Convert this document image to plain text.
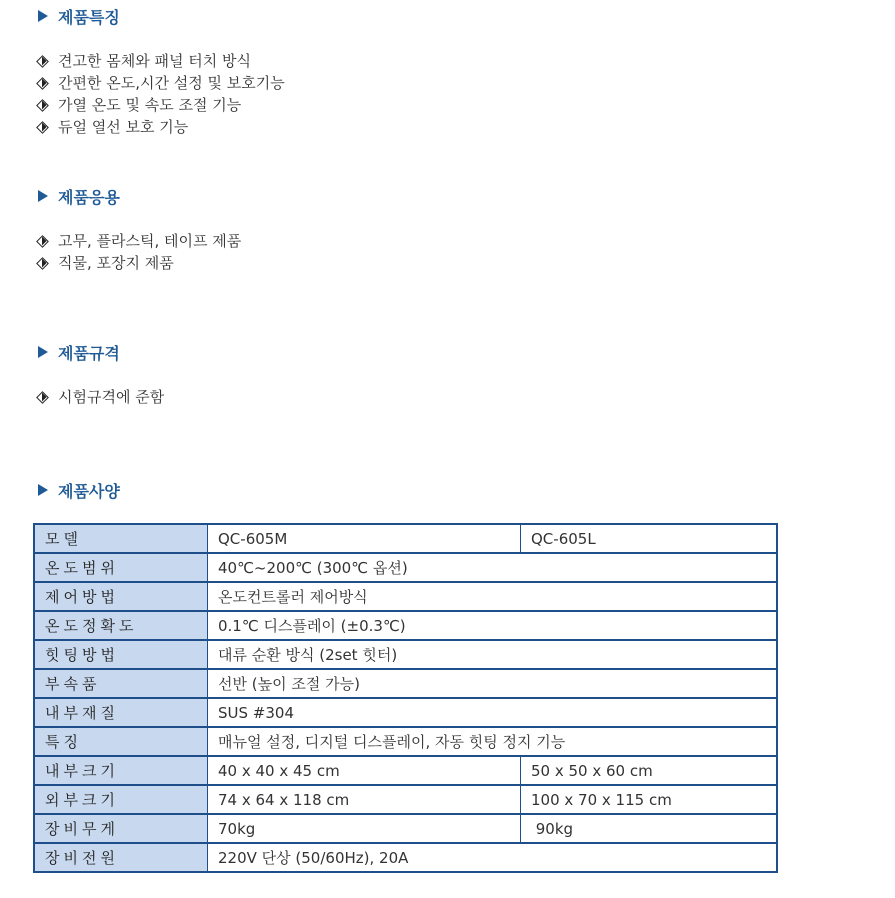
제품특징
견고한 몸체와 패널 터치 방식
간편한 온도,시간 설정 및 보호기능
가열 온도 및 속도 조절 기능
듀얼 열선 보호 기능
제품응용
고무, 플라스틱, 테이프 제품
직물, 포장지 제품
제품규격
시험규격에 준함
제품사양
모델	QC-605M	QC-605L
온도범위	40℃~200℃ (300℃ 옵션)	
제어방법	온도컨트롤러 제어방식	
온도정확도	0.1℃ 디스플레이 (±0.3℃)	
힛팅방법	대류 순환 방식 (2set 힛터)	
부속품	선반 (높이 조절 가능)	
내부재질	SUS #304	
특징	매뉴얼 설정, 디지털 디스플레이, 자동 힛팅 정지 기능	
내부크기	40 x 40 x 45 cm	50 x 50 x 60 cm
외부크기	74 x 64 x 118 cm	100 x 70 x 115 cm
장비무게	70kg	90kg
장비전원	220V 단상 (50/60Hz), 20A	
